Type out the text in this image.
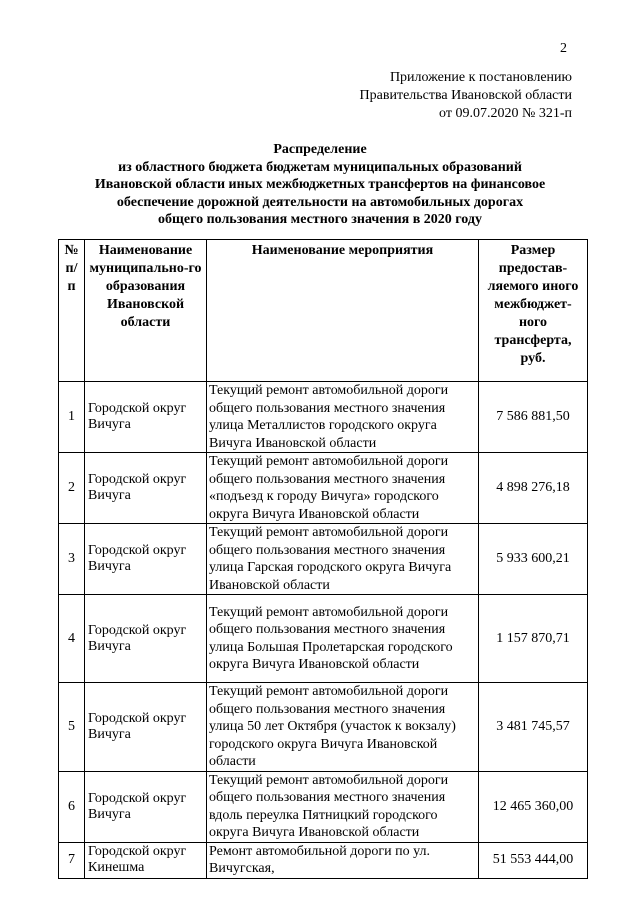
2
Приложение к постановлению
Правительства Ивановской области
от 09.07.2020 № 321-п
Распределение
из областного бюджета бюджетам муниципальных образований
Ивановской области иных межбюджетных трансфертов на финансовое
обеспечение дорожной деятельности на автомобильных дорогах
общего пользования местного значения в 2020 году
№ п/п	Наименование муниципально-го образования Ивановской области	Наименование мероприятия	Размер предостав-ляемого иного межбюджет-ного трансферта, руб.
1	Городской округ Вичуга	Текущий ремонт автомобильной дороги общего пользования местного значения улица Металлистов городского округа Вичуга Ивановской области	7 586 881,50
2	Городской округ Вичуга	Текущий ремонт автомобильной дороги общего пользования местного значения «подъезд к городу Вичуга» городского округа Вичуга Ивановской области	4 898 276,18
3	Городской округ Вичуга	Текущий ремонт автомобильной дороги общего пользования местного значения улица Гарская городского округа Вичуга Ивановской области	5 933 600,21
4	Городской округ Вичуга	Текущий ремонт автомобильной дороги общего пользования местного значения улица Большая Пролетарская городского округа Вичуга Ивановской области	1 157 870,71
5	Городской округ Вичуга	Текущий ремонт автомобильной дороги общего пользования местного значения улица 50 лет Октября (участок к вокзалу) городского округа Вичуга Ивановской области	3 481 745,57
6	Городской округ Вичуга	Текущий ремонт автомобильной дороги общего пользования местного значения вдоль переулка Пятницкий городского округа Вичуга Ивановской области	12 465 360,00
7	Городской округ Кинешма	Ремонт автомобильной дороги по ул. Вичугская,	51 553 444,00
